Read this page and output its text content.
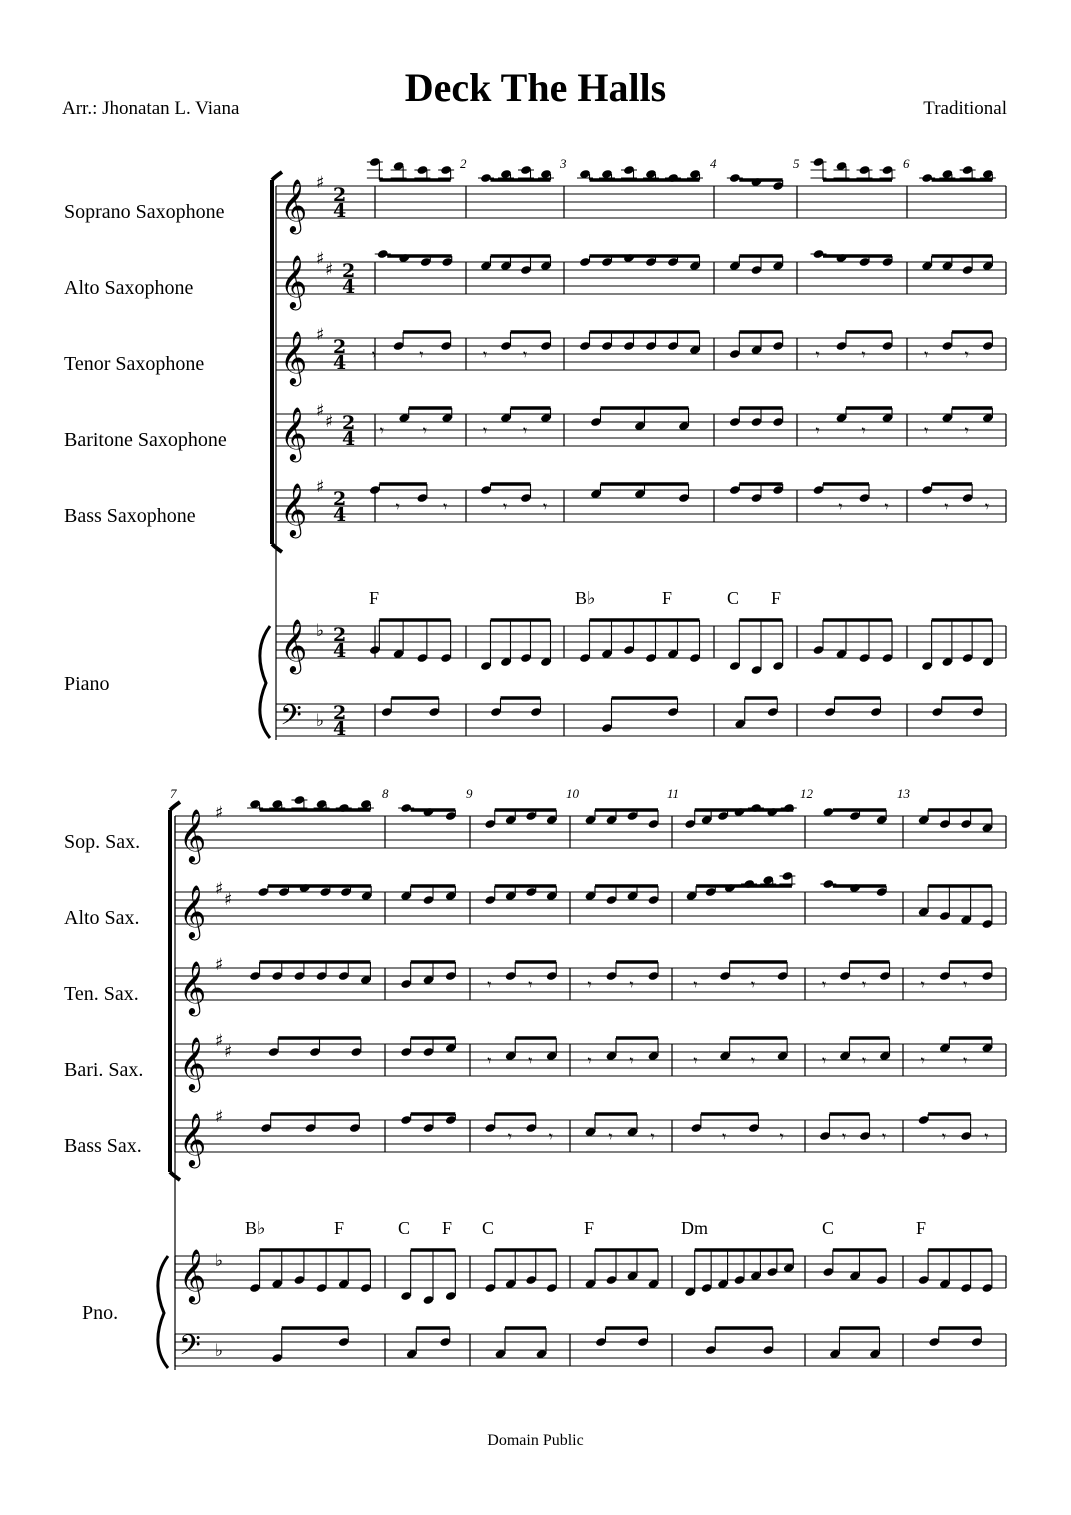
Deck The Halls
Arr.: Jhonatan L. Viana	Traditional
Soprano Saxophone
Alto Saxophone
Tenor Saxophone
Baritone Saxophone
Bass Saxophone
Piano
2	3	4	5	6
F	B♭	F	C F
Sop. Sax.
Alto Sax.
Ten. Sax.
Bari. Sax.
Bass Sax.
Pno.
7	8	9	10	11	12	13
B♭	F	C F C	F	Dm	C	F
𝄞 ♯
2
4
𝄞 ♯
♯ 2
4
𝄞 ♯
2
4 𝄾	𝄾	𝄾 𝄾	𝄾	𝄾	𝄾 𝄾
𝄞 ♯
♯ 2
4 𝄾 𝄾	𝄾 𝄾	𝄾	𝄾	𝄾 𝄾
𝄞 ♯
2
4	𝄾	𝄾	𝄾 𝄾	𝄾	𝄾	𝄾 𝄾
𝄞 ♭ 2
4
𝄢 ♭ 2
4
𝄞 ♯
𝄞 ♯
♯
𝄞 ♯
𝄾 𝄾	𝄾 𝄾	𝄾	𝄾	𝄾 𝄾	𝄾 𝄾
𝄞 ♯
♯	𝄾 𝄾	𝄾 𝄾	𝄾	𝄾	𝄾 𝄾	𝄾 𝄾
𝄞 ♯
𝄾 𝄾	𝄾 𝄾	𝄾	𝄾	𝄾 𝄾	𝄾 𝄾
𝄞 ♭
𝄢 ♭
Domain Public
